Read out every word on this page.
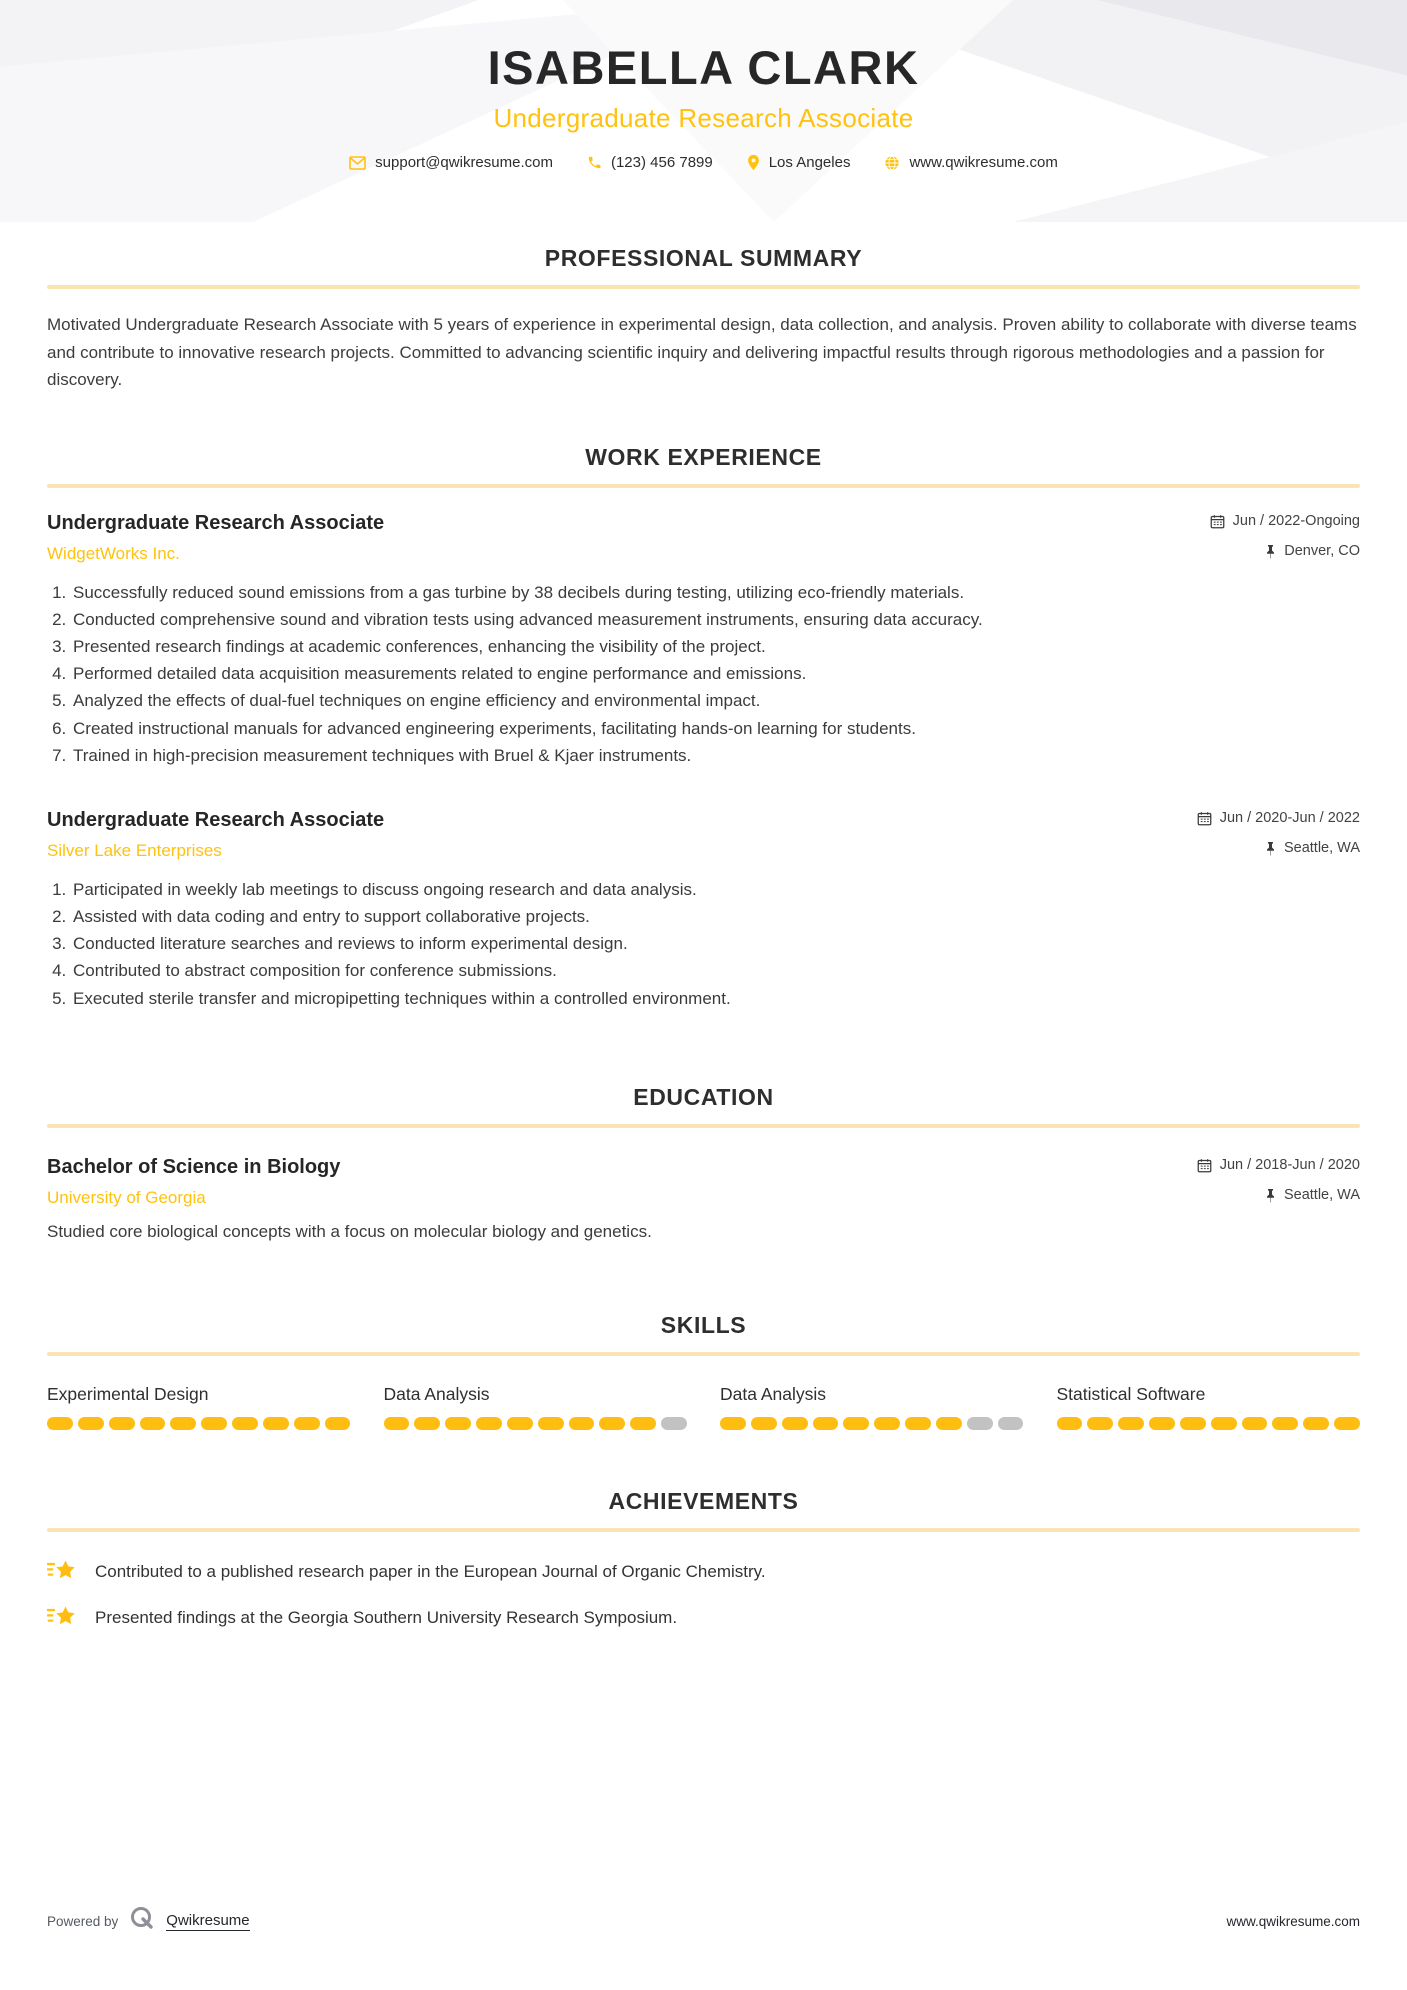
ISABELLA CLARK
Undergraduate Research Associate
support@qwikresume.com	(123) 456 7899	Los Angeles	www.qwikresume.com
PROFESSIONAL SUMMARY

Motivated Undergraduate Research Associate with 5 years of experience in experimental design, data collection, and analysis. Proven ability to collaborate with diverse teams and contribute to innovative research projects. Committed to advancing scientific inquiry and delivering impactful results through rigorous methodologies and a passion for discovery.

WORK EXPERIENCE
Undergraduate Research Associate	Jun / 2022-Ongoing
WidgetWorks Inc.	Denver, CO
1. Successfully reduced sound emissions from a gas turbine by 38 decibels during testing, utilizing eco-friendly materials.
2. Conducted comprehensive sound and vibration tests using advanced measurement instruments, ensuring data accuracy.
3. Presented research findings at academic conferences, enhancing the visibility of the project.
4. Performed detailed data acquisition measurements related to engine performance and emissions.
5. Analyzed the effects of dual-fuel techniques on engine efficiency and environmental impact.
6. Created instructional manuals for advanced engineering experiments, facilitating hands-on learning for students.
7. Trained in high-precision measurement techniques with Bruel & Kjaer instruments.
Undergraduate Research Associate	Jun / 2020-Jun / 2022
Silver Lake Enterprises	Seattle, WA
1. Participated in weekly lab meetings to discuss ongoing research and data analysis.
2. Assisted with data coding and entry to support collaborative projects.
3. Conducted literature searches and reviews to inform experimental design.
4. Contributed to abstract composition for conference submissions.
5. Executed sterile transfer and micropipetting techniques within a controlled environment.
EDUCATION
Bachelor of Science in Biology	Jun / 2018-Jun / 2020
University of Georgia	Seattle, WA
Studied core biological concepts with a focus on molecular biology and genetics.
SKILLS
Experimental Design	Data Analysis	Data Analysis	Statistical Software
ACHIEVEMENTS
Contributed to a published research paper in the European Journal of Organic Chemistry.
Presented findings at the Georgia Southern University Research Symposium.
Powered by	Qwikresume	www.qwikresume.com
